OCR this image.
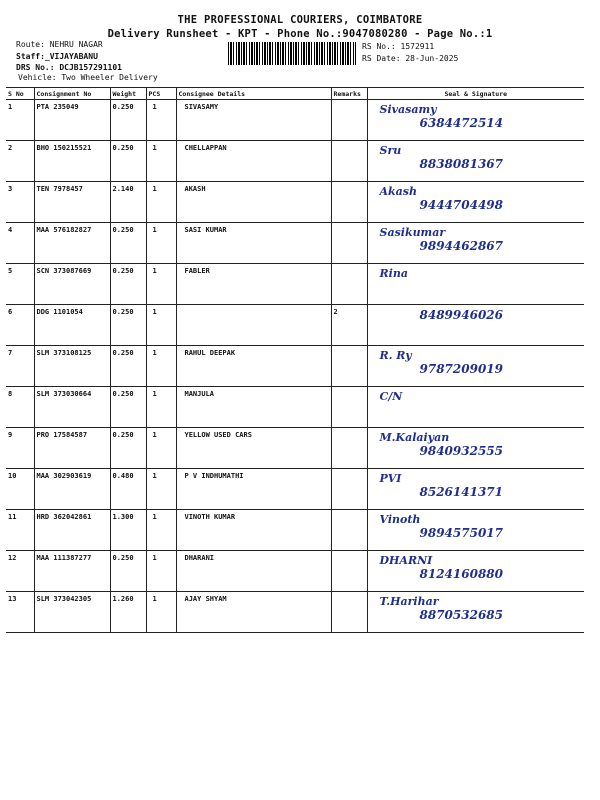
THE PROFESSIONAL COURIERS, COIMBATORE
Delivery Runsheet - KPT - Phone No.:9047080280 - Page No.:1
Route: NEHRU NAGAR
Staff:_VIJAYABANU
DRS No.: DCJB157291101
Vehicle: Two Wheeler Delivery
RS No.: 1572911
RS Date: 28-Jun-2025
S No	Consignment No	Weight	PCS	Consignee Details	Remarks	Seal & Signature
1	PTA 235049	0.250	1	SIVASAMY		Sivasamy
6384472514

2	BHO 150215521	0.250	1	CHELLAPPAN		Sru
8838081367

3	TEN 7978457	2.140	1	AKASH		Akash
9444704498

4	MAA 576182827	0.250	1	SASI KUMAR		Sasikumar
9894462867

5	SCN 373087669	0.250	1	FABLER		Rina

6	DDG 1101054	0.250	1		2	8489946026

7	SLM 373108125	0.250	1	RAHUL DEEPAK		R. Ry
9787209019

8	SLM 373030664	0.250	1	MANJULA		C/N

9	PRO 17584587	0.250	1	YELLOW USED CARS		M.Kalaiyan
9840932555

10	MAA 302903619	0.480	1	P V INDHUMATHI		PVI
8526141371

11	HRD 362042861	1.300	1	VINOTH KUMAR		Vinoth
9894575017

12	MAA 111387277	0.250	1	DHARANI		DHARNI
8124160880

13	SLM 373042305	1.260	1	AJAY SHYAM		T.Harihar
8870532685
